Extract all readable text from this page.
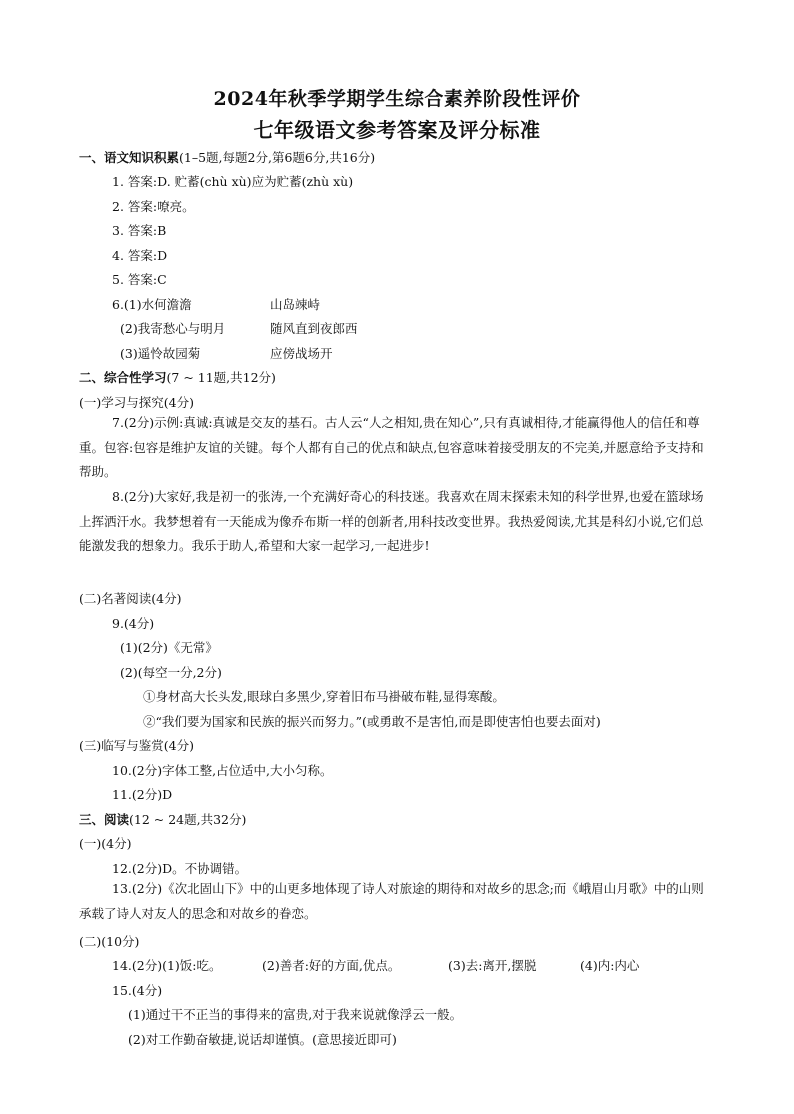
2024年秋季学期学生综合素养阶段性评价
七年级语文参考答案及评分标准
一、语文知识积累(1–5题,每题2分,第6题6分,共16分)
1. 答案:D. 贮蓄(chù xù)应为贮蓄(zhù xù)
2. 答案:嘹亮。
3. 答案:B
4. 答案:D
5. 答案:C
6.(1)水何澹澹	山岛竦峙
(2)我寄愁心与明月	随风直到夜郎西
(3)遥怜故园菊	应傍战场开
二、综合性学习(7 ~ 11题,共12分)
(一)学习与探究(4分)
7.(2分)示例:真诚:真诚是交友的基石。古人云“人之相知,贵在知心”,只有真诚相待,才能赢得他人的信任和尊重。包容:包容是维护友谊的关键。每个人都有自己的优点和缺点,包容意味着接受朋友的不完美,并愿意给予支持和帮助。
8.(2分)大家好,我是初一的张涛,一个充满好奇心的科技迷。我喜欢在周末探索未知的科学世界,也爱在篮球场上挥洒汗水。我梦想着有一天能成为像乔布斯一样的创新者,用科技改变世界。我热爱阅读,尤其是科幻小说,它们总能激发我的想象力。我乐于助人,希望和大家一起学习,一起进步!
(二)名著阅读(4分)
9.(4分)
(1)(2分)《无常》
(2)(每空一分,2分)
①身材高大长头发,眼球白多黑少,穿着旧布马褂破布鞋,显得寒酸。
②“我们要为国家和民族的振兴而努力。”(或勇敢不是害怕,而是即使害怕也要去面对)
(三)临写与鉴赏(4分)
10.(2分)字体工整,占位适中,大小匀称。
11.(2分)D
三、阅读(12 ~ 24题,共32分)
(一)(4分)
12.(2分)D。不协调错。
13.(2分)《次北固山下》中的山更多地体现了诗人对旅途的期待和对故乡的思念;而《峨眉山月歌》中的山则承载了诗人对友人的思念和对故乡的眷恋。
(二)(10分)
14.(2分)(1)饭:吃。	(2)善者:好的方面,优点。	(3)去:离开,摆脱	(4)内:内心
15.(4分)
(1)通过干不正当的事得来的富贵,对于我来说就像浮云一般。
(2)对工作勤奋敏捷,说话却谨慎。(意思接近即可)
